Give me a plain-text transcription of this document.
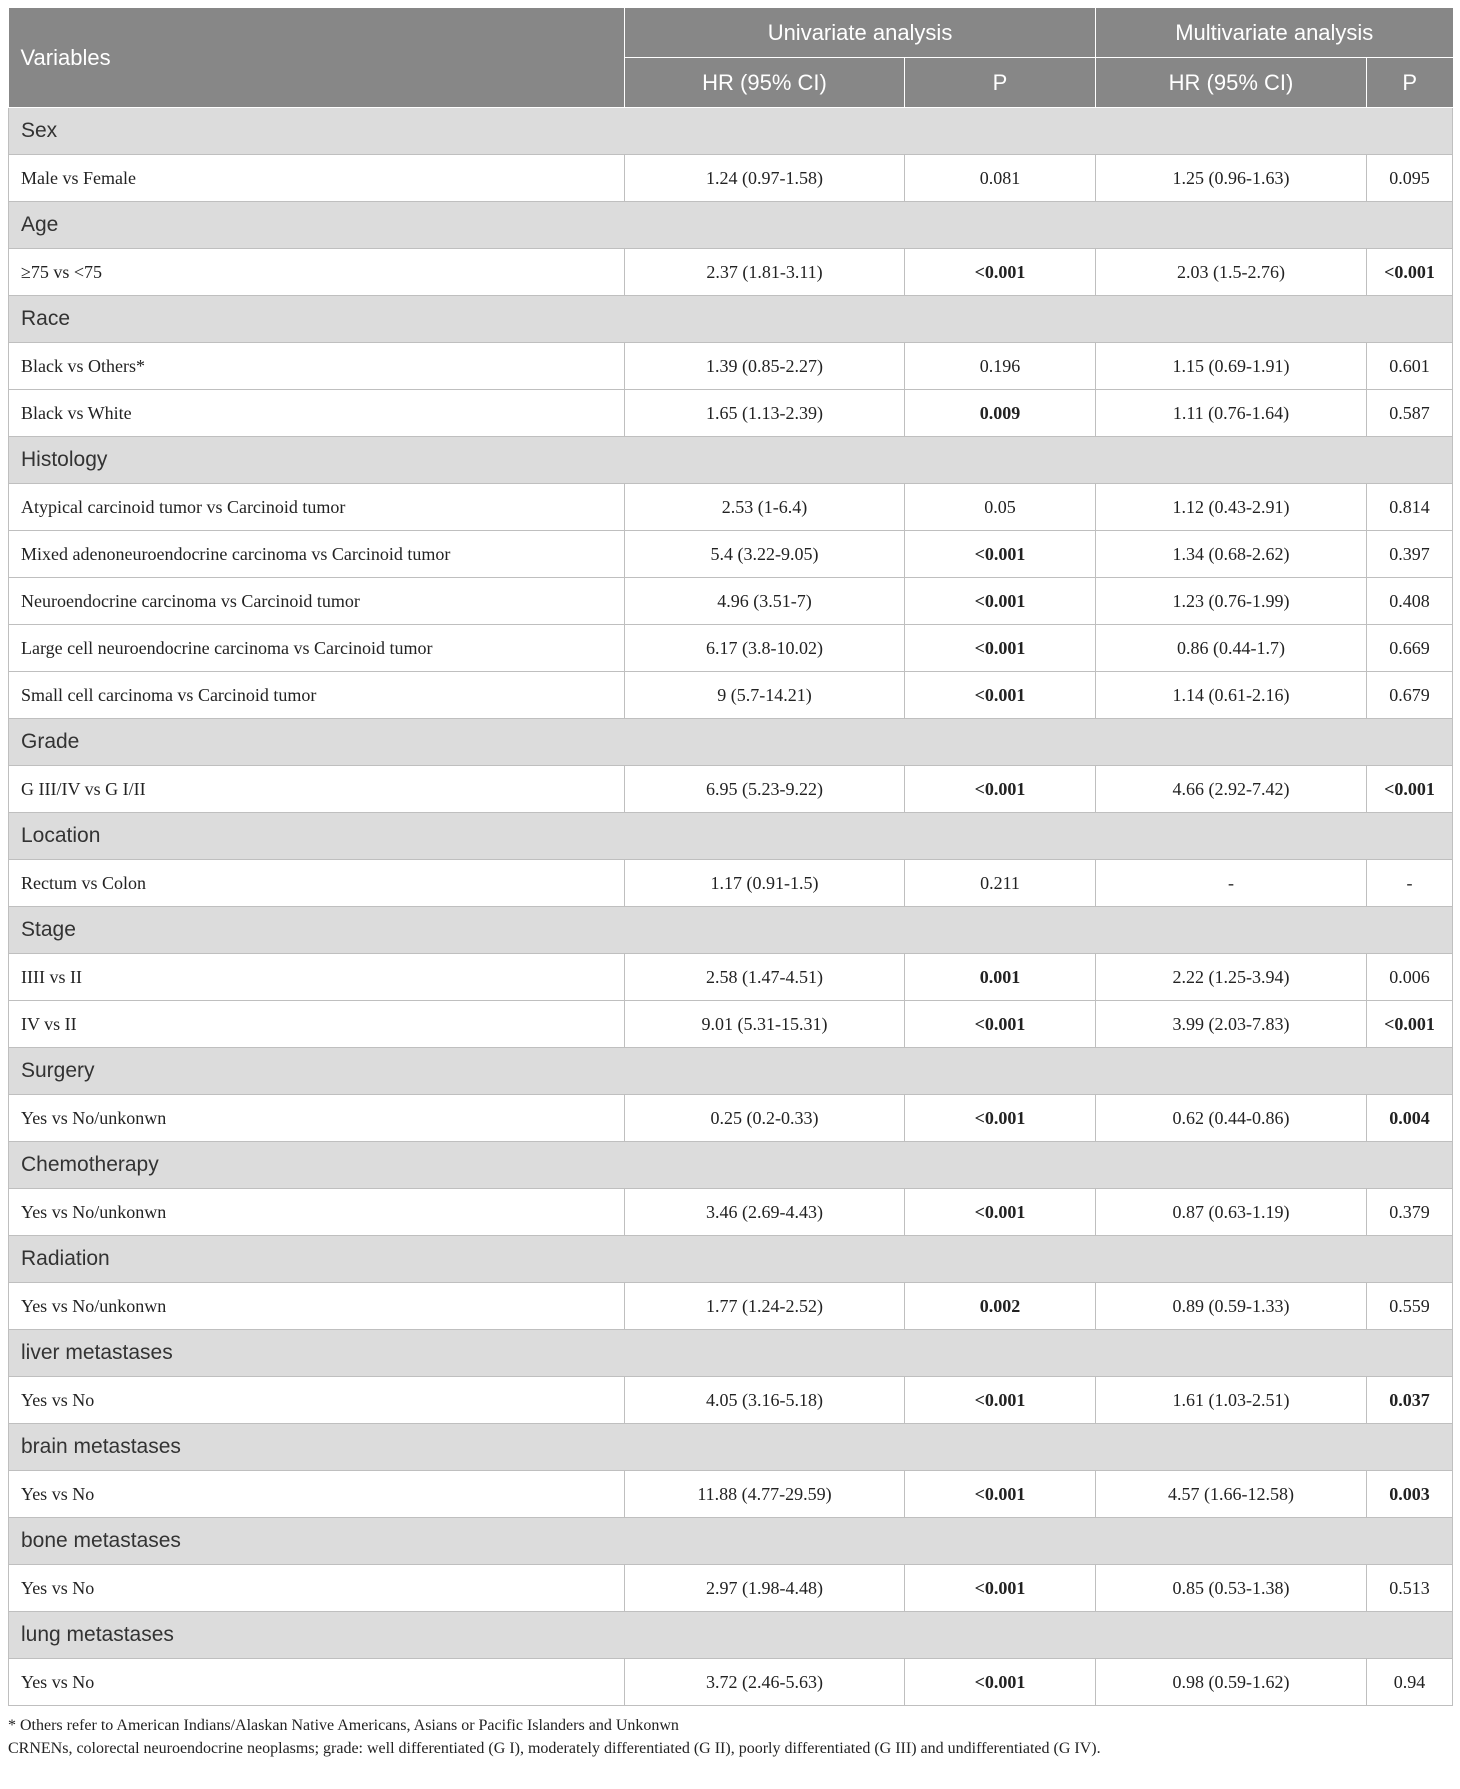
Variables	Univariate analysis		Multivariate analysis	
	HR (95% CI)	P	HR (95% CI)	P
Sex				
Male vs Female	1.24 (0.97-1.58)	0.081	1.25 (0.96-1.63)	0.095
Age				
≥75 vs <75	2.37 (1.81-3.11)	<0.001	2.03 (1.5-2.76)	<0.001
Race				
Black vs Others*	1.39 (0.85-2.27)	0.196	1.15 (0.69-1.91)	0.601
Black vs White	1.65 (1.13-2.39)	0.009	1.11 (0.76-1.64)	0.587
Histology				
Atypical carcinoid tumor vs Carcinoid tumor	2.53 (1-6.4)	0.05	1.12 (0.43-2.91)	0.814
Mixed adenoneuroendocrine carcinoma vs Carcinoid tumor	5.4 (3.22-9.05)	<0.001	1.34 (0.68-2.62)	0.397
Neuroendocrine carcinoma vs Carcinoid tumor	4.96 (3.51-7)	<0.001	1.23 (0.76-1.99)	0.408
Large cell neuroendocrine carcinoma vs Carcinoid tumor	6.17 (3.8-10.02)	<0.001	0.86 (0.44-1.7)	0.669
Small cell carcinoma vs Carcinoid tumor	9 (5.7-14.21)	<0.001	1.14 (0.61-2.16)	0.679
Grade				
G III/IV vs G I/II	6.95 (5.23-9.22)	<0.001	4.66 (2.92-7.42)	<0.001
Location				
Rectum vs Colon	1.17 (0.91-1.5)	0.211	-	-
Stage				
IIII vs II	2.58 (1.47-4.51)	0.001	2.22 (1.25-3.94)	0.006
IV vs II	9.01 (5.31-15.31)	<0.001	3.99 (2.03-7.83)	<0.001
Surgery				
Yes vs No/unkonwn	0.25 (0.2-0.33)	<0.001	0.62 (0.44-0.86)	0.004
Chemotherapy				
Yes vs No/unkonwn	3.46 (2.69-4.43)	<0.001	0.87 (0.63-1.19)	0.379
Radiation				
Yes vs No/unkonwn	1.77 (1.24-2.52)	0.002	0.89 (0.59-1.33)	0.559
liver metastases				
Yes vs No	4.05 (3.16-5.18)	<0.001	1.61 (1.03-2.51)	0.037
brain metastases				
Yes vs No	11.88 (4.77-29.59)	<0.001	4.57 (1.66-12.58)	0.003
bone metastases				
Yes vs No	2.97 (1.98-4.48)	<0.001	0.85 (0.53-1.38)	0.513
lung metastases				
Yes vs No	3.72 (2.46-5.63)	<0.001	0.98 (0.59-1.62)	0.94
* Others refer to American Indians/Alaskan Native Americans, Asians or Pacific Islanders and Unkonwn
CRNENs, colorectal neuroendocrine neoplasms; grade: well differentiated (G I), moderately differentiated (G II), poorly differentiated (G III) and undifferentiated (G IV).
